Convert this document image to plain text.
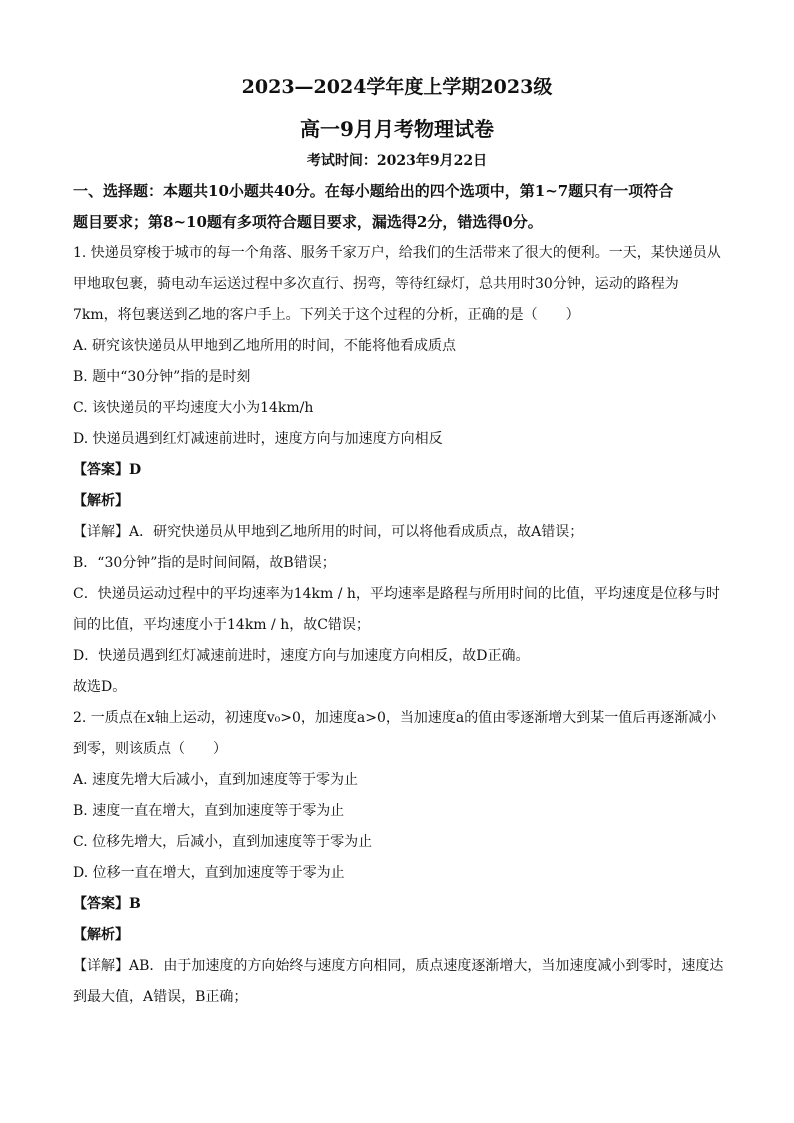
2023—2024学年度上学期2023级
高一9月月考物理试卷
考试时间：2023年9月22日
一、选择题：本题共10小题共40分。在每小题给出的四个选项中，第1~7题只有一项符合
题目要求；第8~10题有多项符合题目要求，漏选得2分，错选得0分。
1. 快递员穿梭于城市的每一个角落、服务千家万户，给我们的生活带来了很大的便利。一天，某快递员从
甲地取包裹，骑电动车运送过程中多次直行、拐弯，等待红绿灯，总共用时30分钟，运动的路程为
7km，将包裹送到乙地的客户手上。下列关于这个过程的分析，正确的是（　　）
A. 研究该快递员从甲地到乙地所用的时间，不能将他看成质点
B. 题中“30分钟”指的是时刻
C. 该快递员的平均速度大小为14km/h
D. 快递员遇到红灯减速前进时，速度方向与加速度方向相反
【答案】D
【解析】
【详解】A．研究快递员从甲地到乙地所用的时间，可以将他看成质点，故A错误；
B．“30分钟”指的是时间间隔，故B错误；
C．快递员运动过程中的平均速率为14km / h，平均速率是路程与所用时间的比值，平均速度是位移与时
间的比值，平均速度小于14km / h，故C错误；
D．快递员遇到红灯减速前进时，速度方向与加速度方向相反，故D正确。
故选D。
2. 一质点在x轴上运动，初速度v₀>0，加速度a>0，当加速度a的值由零逐渐增大到某一值后再逐渐减小
到零，则该质点（　　）
A. 速度先增大后减小，直到加速度等于零为止
B. 速度一直在增大，直到加速度等于零为止
C. 位移先增大，后减小，直到加速度等于零为止
D. 位移一直在增大，直到加速度等于零为止
【答案】B
【解析】
【详解】AB．由于加速度的方向始终与速度方向相同，质点速度逐渐增大，当加速度减小到零时，速度达
到最大值，A错误，B正确；
